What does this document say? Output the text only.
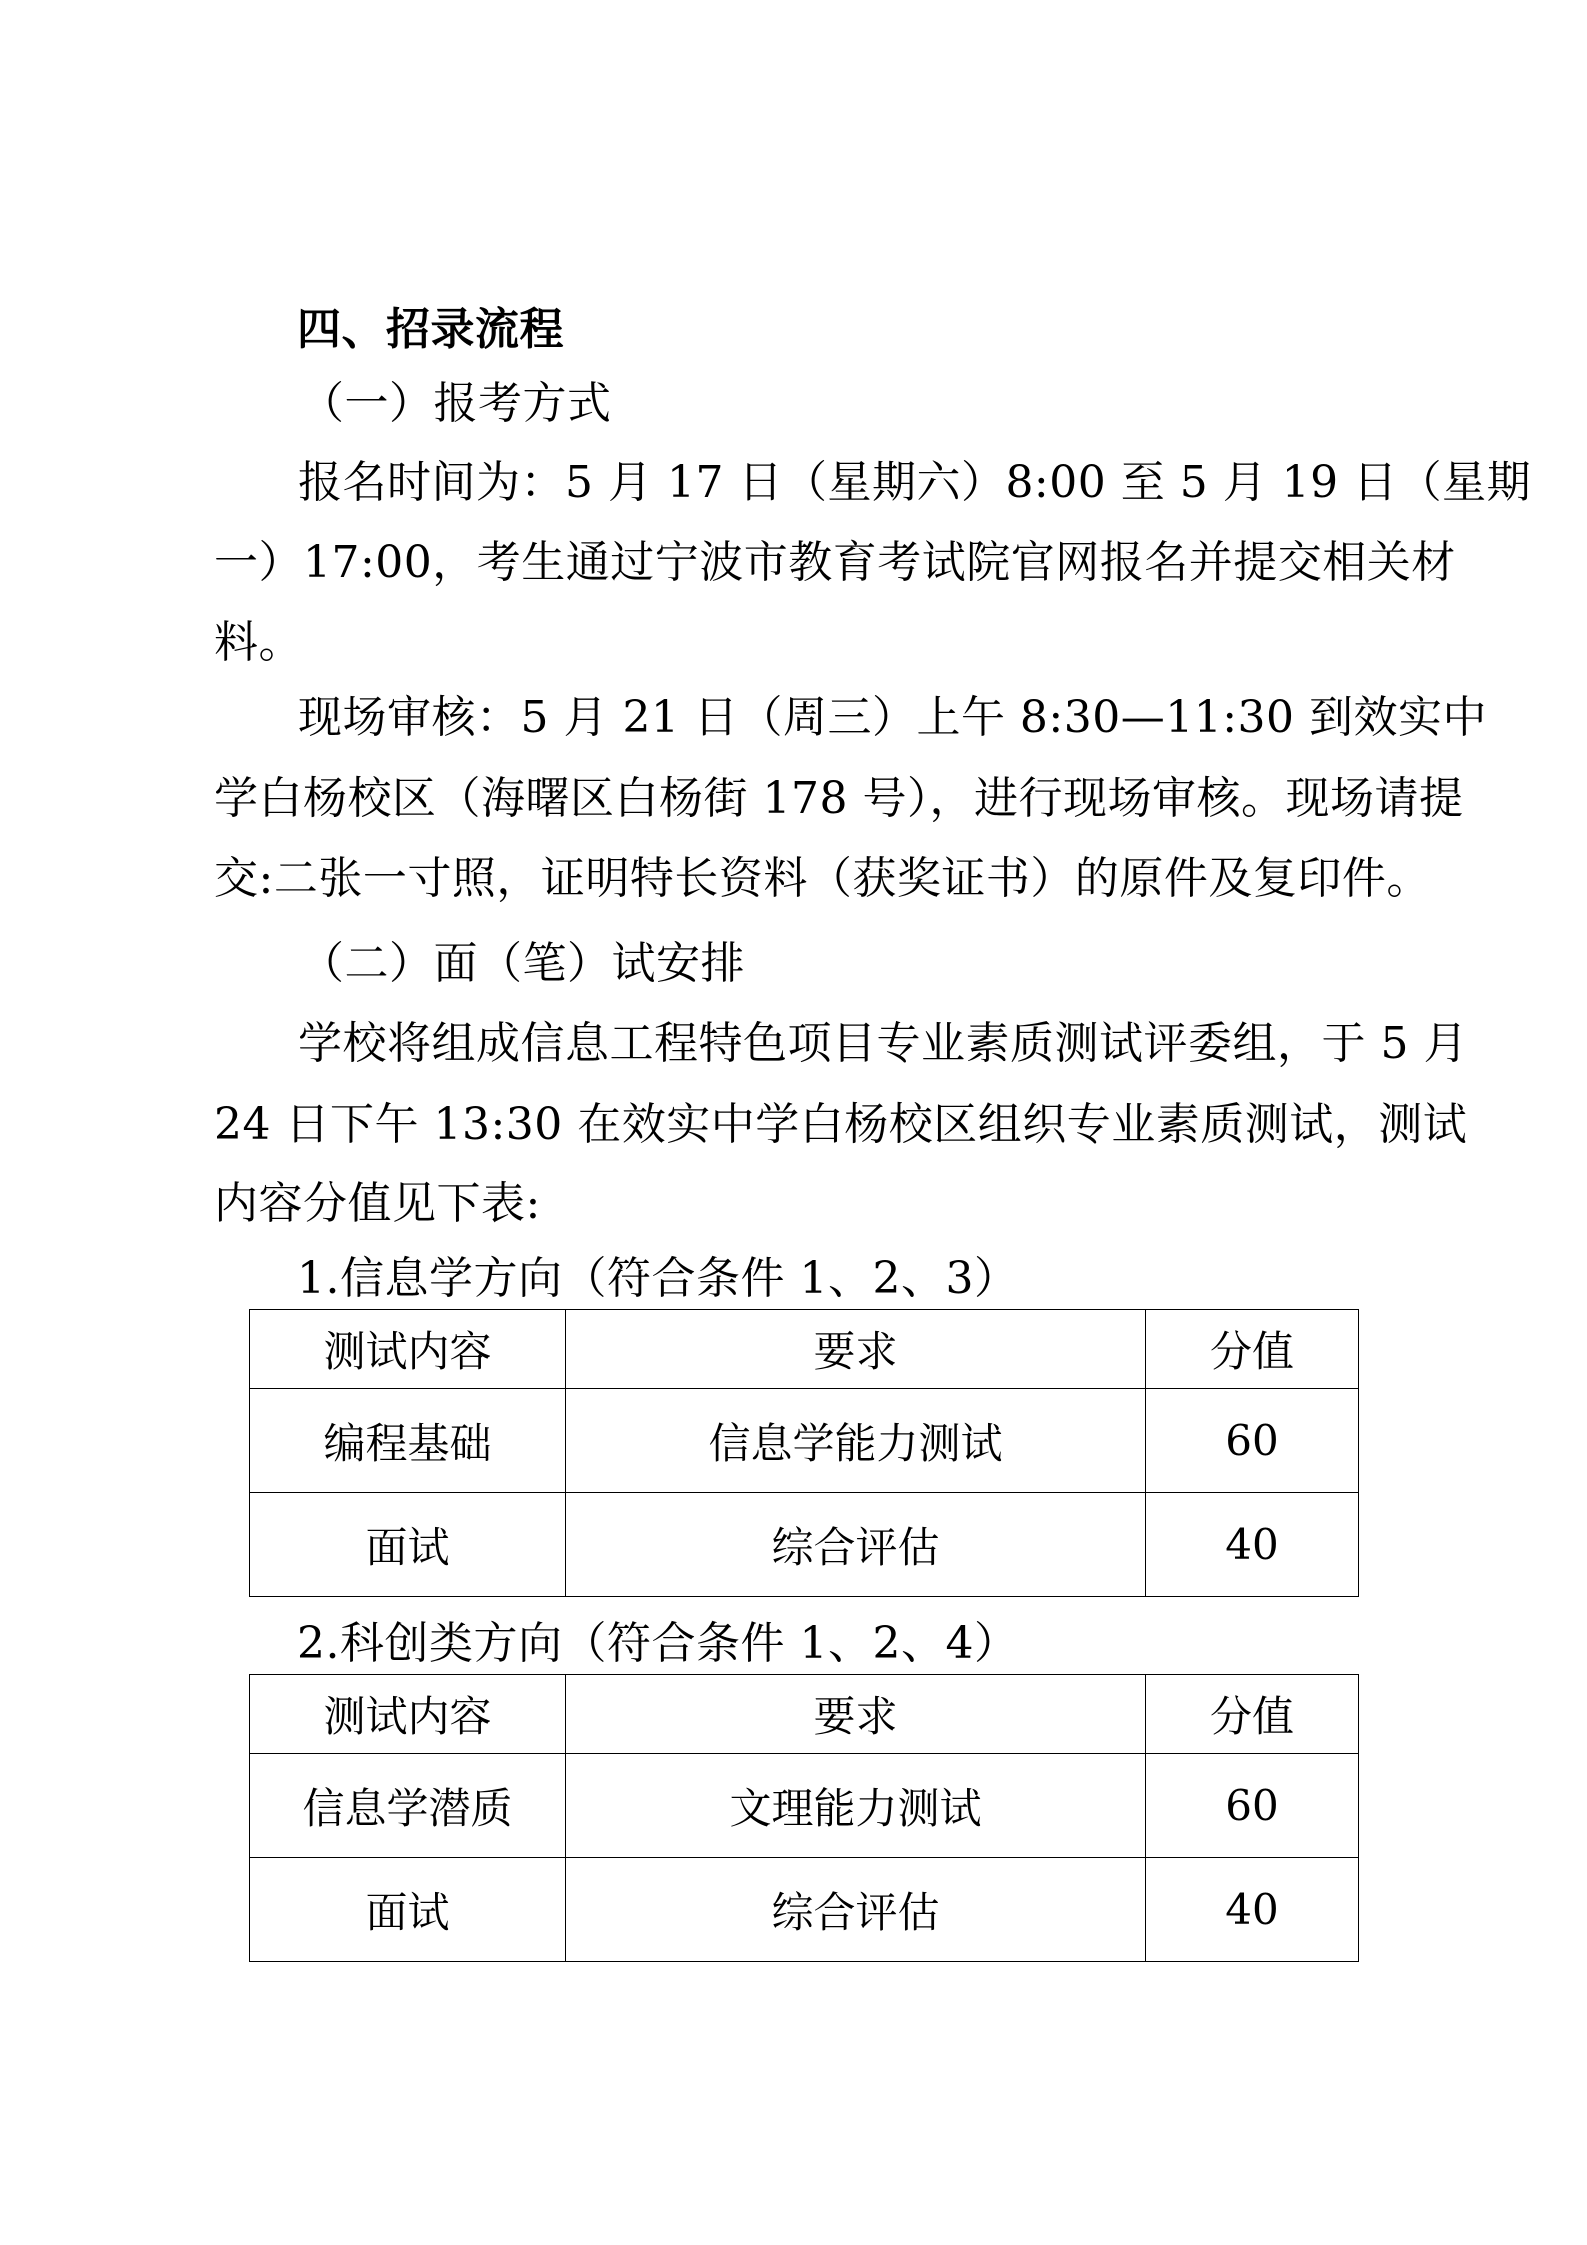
四、招录流程
（一）报考方式
报名时间为：5 月 17 日（星期六）8:00 至 5 月 19 日（星期
一）17:00，考生通过宁波市教育考试院官网报名并提交相关材
料。
现场审核：5 月 21 日（周三）上午 8:30—11:30 到效实中
学白杨校区（海曙区白杨街 178 号），进行现场审核。现场请提
交:二张一寸照，证明特长资料（获奖证书）的原件及复印件。
（二）面（笔）试安排
学校将组成信息工程特色项目专业素质测试评委组，于 5 月
24 日下午 13:30 在效实中学白杨校区组织专业素质测试，测试
内容分值见下表:
1.信息学方向（符合条件 1、2、3）
测试内容	要求	分值
编程基础	信息学能力测试	60
面试	综合评估	40
2.科创类方向（符合条件 1、2、4）
测试内容	要求	分值
信息学潜质	文理能力测试	60
面试	综合评估	40
